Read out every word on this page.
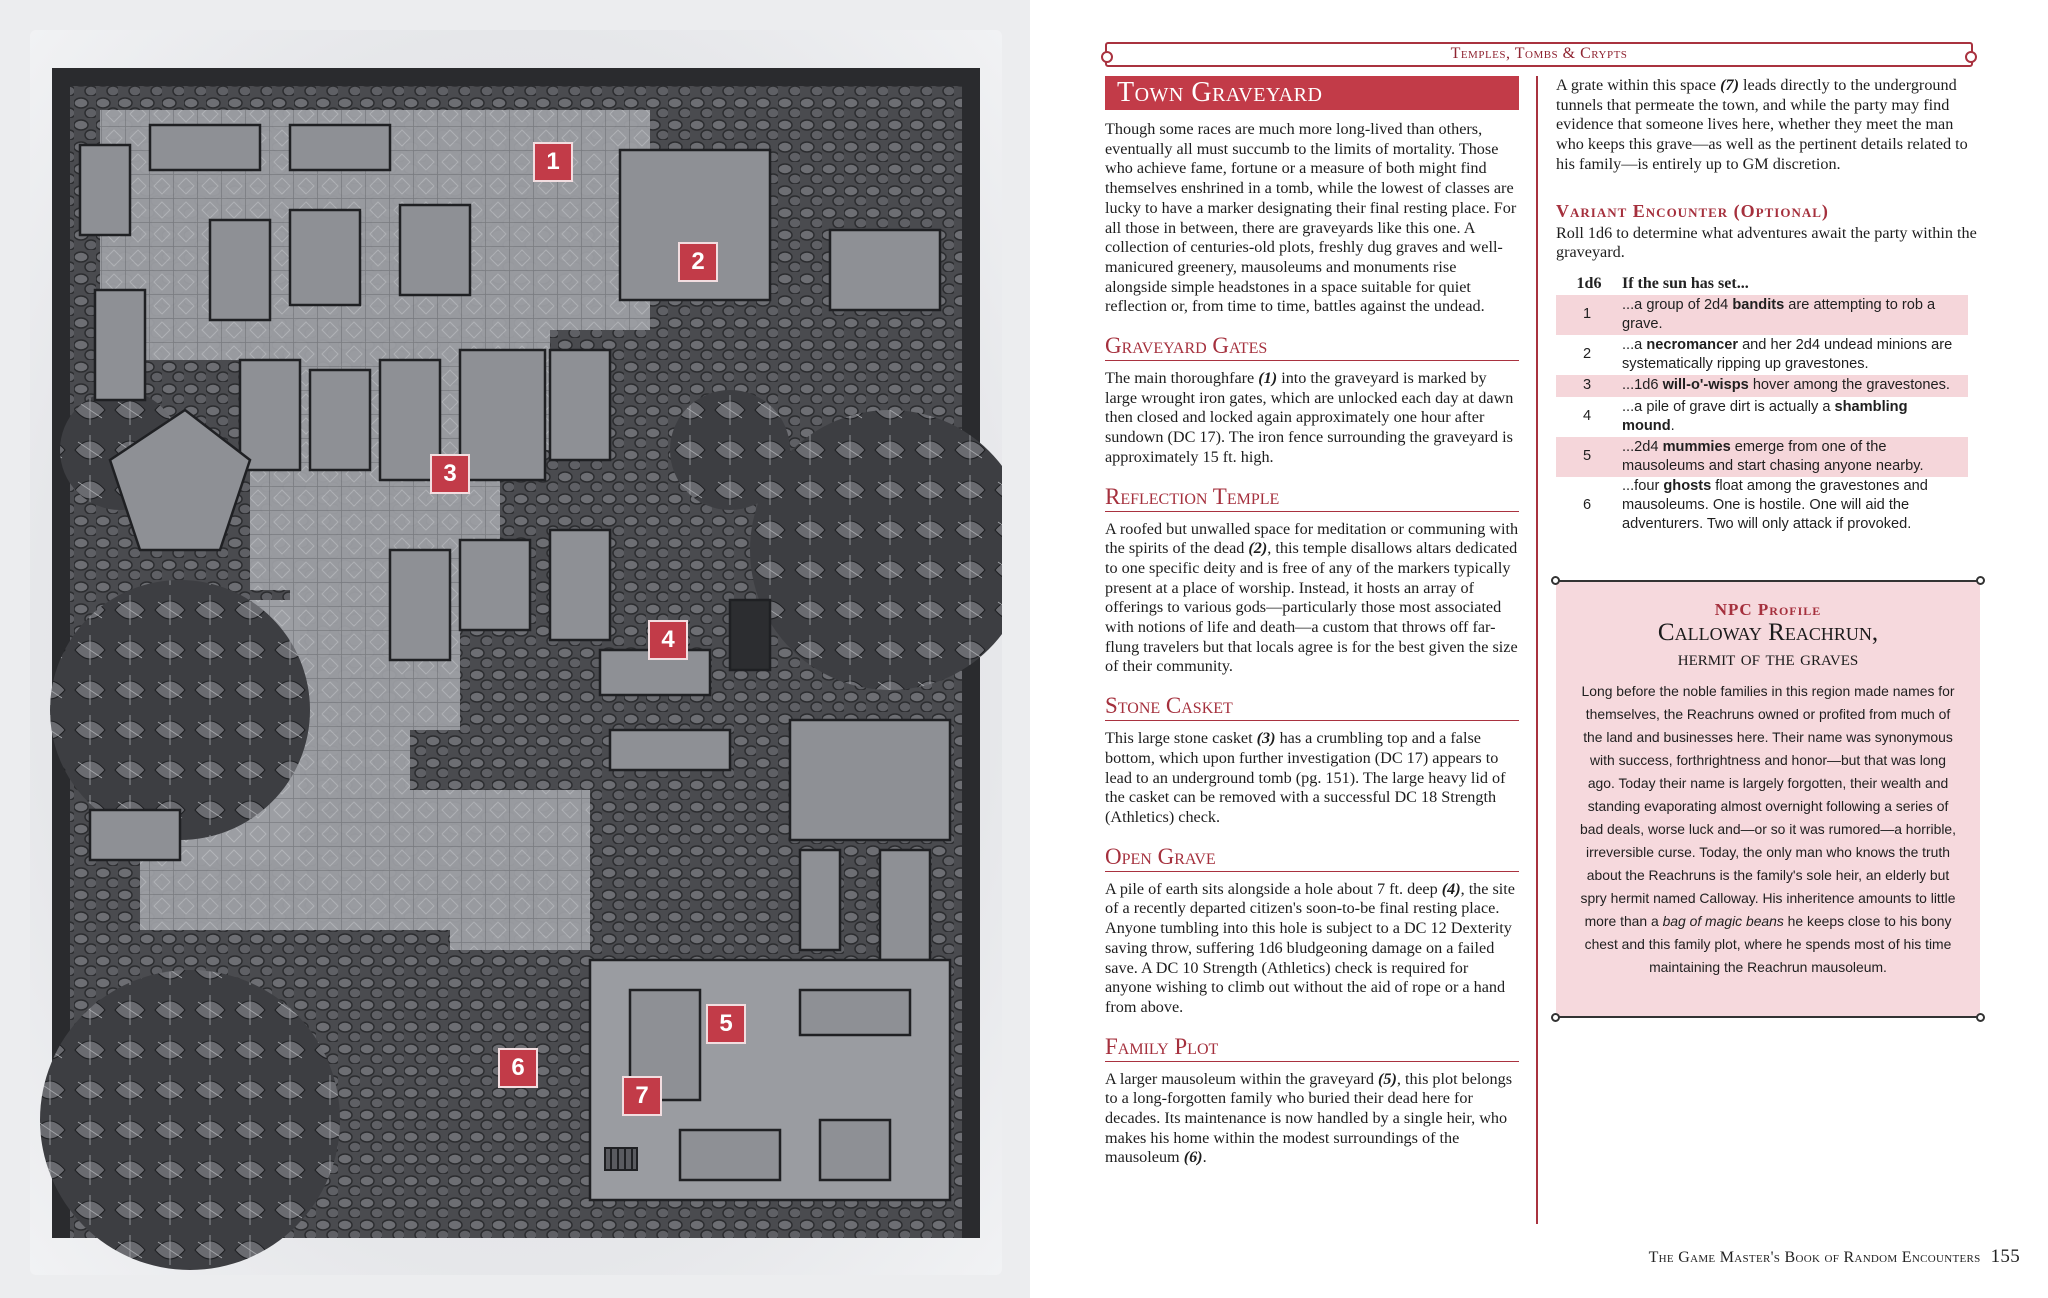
1
2
3
4
5
6
7
Temples, Tombs & Crypts
Town Graveyard

Though some races are much more long-lived than others, eventually all must succumb to the limits of mortality. Those who achieve fame, fortune or a measure of both might find themselves enshrined in a tomb, while the lowest of classes are lucky to have a marker designating their final resting place. For all those in between, there are graveyards like this one. A collection of centuries-old plots, freshly dug graves and well-manicured greenery, mausoleums and monuments rise alongside simple headstones in a space suitable for quiet reflection or, from time to time, battles against the undead.

Graveyard Gates

The main thoroughfare (1) into the graveyard is marked by large wrought iron gates, which are unlocked each day at dawn then closed and locked again approximately one hour after sundown (DC 17). The iron fence surrounding the graveyard is approximately 15 ft. high.

Reflection Temple

A roofed but unwalled space for meditation or communing with the spirits of the dead (2), this temple disallows altars dedicated to one specific deity and is free of any of the markers typically present at a place of worship. Instead, it hosts an array of offerings to various gods—particularly those most associated with notions of life and death—a custom that throws off far-flung travelers but that locals agree is for the best given the size of their community.

Stone Casket

This large stone casket (3) has a crumbling top and a false bottom, which upon further investigation (DC 17) appears to lead to an underground tomb (pg. 151). The large heavy lid of the casket can be removed with a successful DC 18 Strength (Athletics) check.

Open Grave

A pile of earth sits alongside a hole about 7 ft. deep (4), the site of a recently departed citizen's soon-to-be final resting place. Anyone tumbling into this hole is subject to a DC 12 Dexterity saving throw, suffering 1d6 bludgeoning damage on a failed save. A DC 10 Strength (Athletics) check is required for anyone wishing to climb out without the aid of rope or a hand from above.

Family Plot

A larger mausoleum within the graveyard (5), this plot belongs to a long-forgotten family who buried their dead here for decades. Its maintenance is now handled by a single heir, who makes his home within the modest surroundings of the mausoleum (6).

A grate within this space (7) leads directly to the underground tunnels that permeate the town, and while the party may find evidence that someone lives here, whether they meet the man who keeps this grave—as well as the pertinent details related to his family—is entirely up to GM discretion.

Variant Encounter (Optional)

Roll 1d6 to determine what adventures await the party within the graveyard.

1d6	If the sun has set...
1	...a group of 2d4 bandits are attempting to rob a grave.
2	...a necromancer and her 2d4 undead minions are systematically ripping up gravestones.
3	...1d6 will-o'-wisps hover among the gravestones.
4	...a pile of grave dirt is actually a shambling mound.
5	...2d4 mummies emerge from one of the mausoleums and start chasing anyone nearby.
6	...four ghosts float among the gravestones and mausoleums. One is hostile. One will aid the adventurers. Two will only attack if provoked.
NPC Profile
Calloway Reachrun,
hermit of the graves

Long before the noble families in this region made names for themselves, the Reachruns owned or profited from much of the land and businesses here. Their name was synonymous with success, forthrightness and honor—but that was long ago. Today their name is largely forgotten, their wealth and standing evaporating almost overnight following a series of bad deals, worse luck and—or so it was rumored—a horrible, irreversible curse. Today, the only man who knows the truth about the Reachruns is the family's sole heir, an elderly but spry hermit named Calloway. His inheritence amounts to little more than a bag of magic beans he keeps close to his bony chest and this family plot, where he spends most of his time maintaining the Reachrun mausoleum.

The Game Master's Book of Random Encounters 155
